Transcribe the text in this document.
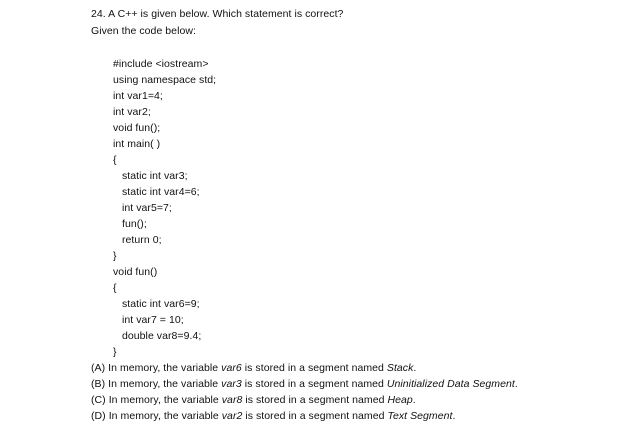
24. A C++ is given below. Which statement is correct?
Given the code below:
#include <iostream>
using namespace std;
int var1=4;
int var2;
void fun();
int main( )
{
static int var3;
static int var4=6;
int var5=7;
fun();
return 0;
}
void fun()
{
static int var6=9;
int var7 = 10;
double var8=9.4;
}
(A) In memory, the variable var6 is stored in a segment named Stack.
(B) In memory, the variable var3 is stored in a segment named Uninitialized Data Segment.
(C) In memory, the variable var8 is stored in a segment named Heap.
(D) In memory, the variable var2 is stored in a segment named Text Segment.
